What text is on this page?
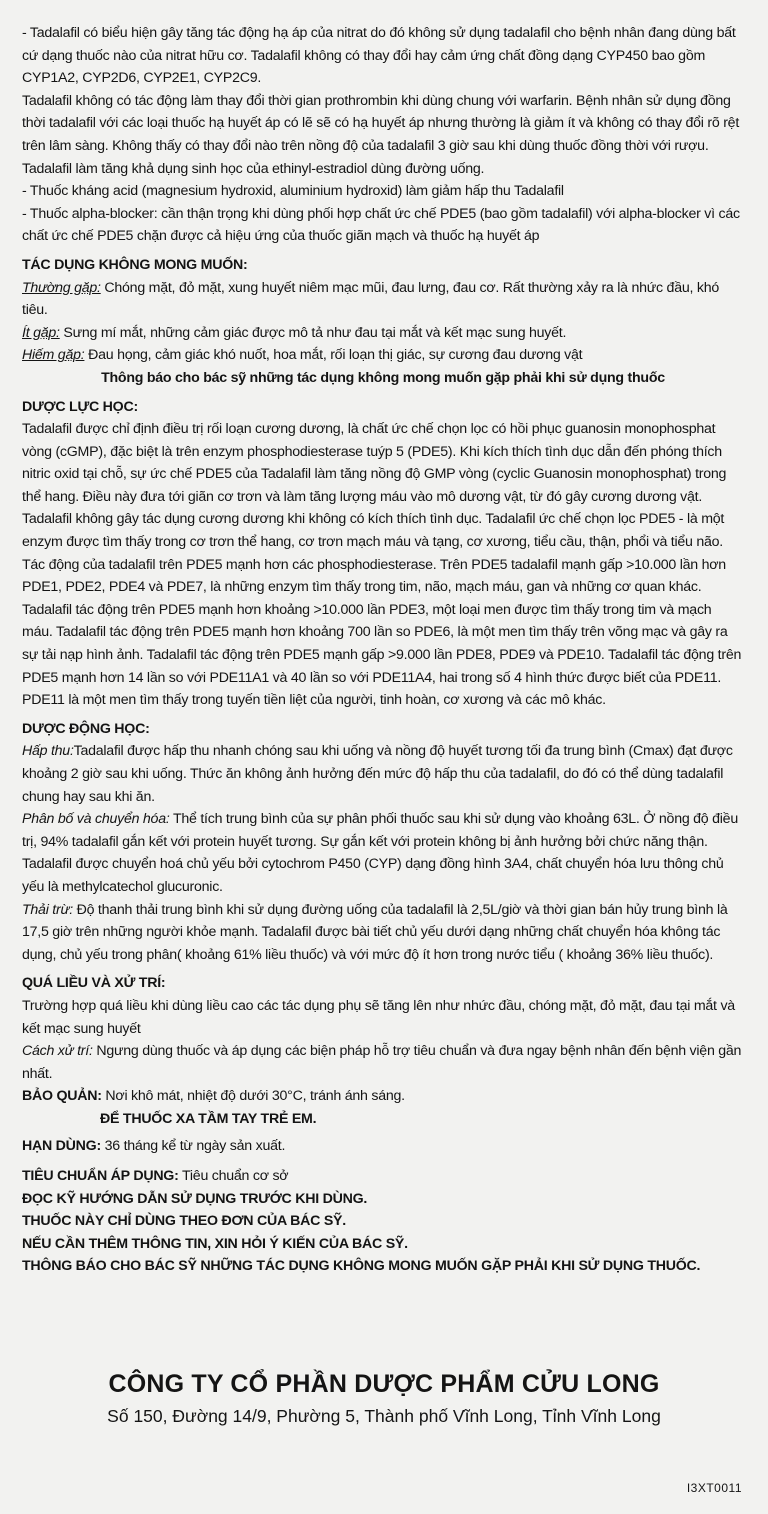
- Tadalafil có biểu hiện gây tăng tác động hạ áp của nitrat do đó không sử dụng tadalafil cho bệnh nhân đang dùng bất cứ dạng thuốc nào của nitrat hữu cơ. Tadalafil không có thay đổi hay cảm ứng chất đồng dạng CYP450 bao gồm CYP1A2, CYP2D6, CYP2E1, CYP2C9.

Tadalafil không có tác động làm thay đổi thời gian prothrombin khi dùng chung với warfarin. Bệnh nhân sử dụng đồng thời tadalafil với các loại thuốc hạ huyết áp có lẽ sẽ có hạ huyết áp nhưng thường là giảm ít và không có thay đổi rõ rệt trên lâm sàng. Không thấy có thay đổi nào trên nồng độ của tadalafil 3 giờ sau khi dùng thuốc đồng thời với rượu. Tadalafil làm tăng khả dụng sinh học của ethinyl-estradiol dùng đường uống.

- Thuốc kháng acid (magnesium hydroxid, aluminium hydroxid) làm giảm hấp thu Tadalafil

- Thuốc alpha-blocker: cần thận trọng khi dùng phối hợp chất ức chế PDE5 (bao gồm tadalafil) với alpha-blocker vì các chất ức chế PDE5 chặn được cả hiệu ứng của thuốc giãn mạch và thuốc hạ huyết áp

TÁC DỤNG KHÔNG MONG MUỐN:

Thường gặp: Chóng mặt, đỏ mặt, xung huyết niêm mạc mũi, đau lưng, đau cơ. Rất thường xảy ra là nhức đầu, khó tiêu.

Ít gặp: Sưng mí mắt, những cảm giác được mô tả như đau tại mắt và kết mạc sung huyết.

Hiếm gặp: Đau họng, cảm giác khó nuốt, hoa mắt, rối loạn thị giác, sự cương đau dương vật

Thông báo cho bác sỹ những tác dụng không mong muốn gặp phải khi sử dụng thuốc

DƯỢC LỰC HỌC:

Tadalafil được chỉ định điều trị rối loạn cương dương, là chất ức chế chọn lọc có hồi phục guanosin monophosphat vòng (cGMP), đặc biệt là trên enzym phosphodiesterase tuýp 5 (PDE5). Khi kích thích tình dục dẫn đến phóng thích nitric oxid tại chỗ, sự ức chế PDE5 của Tadalafil làm tăng nồng độ GMP vòng (cyclic Guanosin monophosphat) trong thể hang. Điều này đưa tới giãn cơ trơn và làm tăng lượng máu vào mô dương vật, từ đó gây cương dương vật. Tadalafil không gây tác dụng cương dương khi không có kích thích tình dục. Tadalafil ức chế chọn lọc PDE5 - là một enzym được tìm thấy trong cơ trơn thể hang, cơ trơn mạch máu và tạng, cơ xương, tiểu cầu, thận, phổi và tiểu não. Tác động của tadalafil trên PDE5 mạnh hơn các phosphodiesterase. Trên PDE5 tadalafil mạnh gấp >10.000 lần hơn PDE1, PDE2, PDE4 và PDE7, là những enzym tìm thấy trong tim, não, mạch máu, gan và những cơ quan khác. Tadalafil tác động trên PDE5 mạnh hơn khoảng >10.000 lần PDE3, một loại men được tìm thấy trong tim và mạch máu. Tadalafil tác động trên PDE5 mạnh hơn khoảng 700 lần so PDE6, là một men tìm thấy trên võng mạc và gây ra sự tải nạp hình ảnh. Tadalafil tác động trên PDE5 mạnh gấp >9.000 lần PDE8, PDE9 và PDE10. Tadalafil tác động trên PDE5 mạnh hơn 14 lần so với PDE11A1 và 40 lần so với PDE11A4, hai trong số 4 hình thức được biết của PDE11. PDE11 là một men tìm thấy trong tuyến tiền liệt của người, tinh hoàn, cơ xương và các mô khác.

DƯỢC ĐỘNG HỌC:

Hấp thu:Tadalafil được hấp thu nhanh chóng sau khi uống và nồng độ huyết tương tối đa trung bình (Cmax) đạt được khoảng 2 giờ sau khi uống. Thức ăn không ảnh hưởng đến mức độ hấp thu của tadalafil, do đó có thể dùng tadalafil chung hay sau khi ăn.

Phân bố và chuyển hóa: Thể tích trung bình của sự phân phối thuốc sau khi sử dụng vào khoảng 63L. Ở nồng độ điều trị, 94% tadalafil gắn kết với protein huyết tương. Sự gắn kết với protein không bị ảnh hưởng bởi chức năng thận. Tadalafil được chuyển hoá chủ yếu bởi cytochrom P450 (CYP) dạng đồng hình 3A4, chất chuyển hóa lưu thông chủ yếu là methylcatechol glucuronic.

Thải trừ: Độ thanh thải trung bình khi sử dụng đường uống của tadalafil là 2,5L/giờ và thời gian bán hủy trung bình là 17,5 giờ trên những người khỏe mạnh. Tadalafil được bài tiết chủ yếu dưới dạng những chất chuyển hóa không tác dụng, chủ yếu trong phân( khoảng 61% liều thuốc) và với mức độ ít hơn trong nước tiểu ( khoảng 36% liều thuốc).

QUÁ LIỀU VÀ XỬ TRÍ:

Trường hợp quá liều khi dùng liều cao các tác dụng phụ sẽ tăng lên như nhức đầu, chóng mặt, đỏ mặt, đau tại mắt và kết mạc sung huyết

Cách xử trí: Ngưng dùng thuốc và áp dụng các biện pháp hỗ trợ tiêu chuẩn và đưa ngay bệnh nhân đến bệnh viện gần nhất.

BẢO QUẢN: Nơi khô mát, nhiệt độ dưới 30°C, tránh ánh sáng.

ĐỂ THUỐC XA TẦM TAY TRẺ EM.

HẠN DÙNG: 36 tháng kể từ ngày sản xuất.

TIÊU CHUẨN ÁP DỤNG: Tiêu chuẩn cơ sở

ĐỌC KỸ HƯỚNG DẪN SỬ DỤNG TRƯỚC KHI DÙNG.

THUỐC NÀY CHỈ DÙNG THEO ĐƠN CỦA BÁC SỸ.

NẾU CẦN THÊM THÔNG TIN, XIN HỎI Ý KIẾN CỦA BÁC SỸ.

THÔNG BÁO CHO BÁC SỸ NHỮNG TÁC DỤNG KHÔNG MONG MUỐN GẶP PHẢI KHI SỬ DỤNG THUỐC.

CÔNG TY CỔ PHẦN DƯỢC PHẨM CỬU LONG
Số 150, Đường 14/9, Phường 5, Thành phố Vĩnh Long, Tỉnh Vĩnh Long
I3XT0011
